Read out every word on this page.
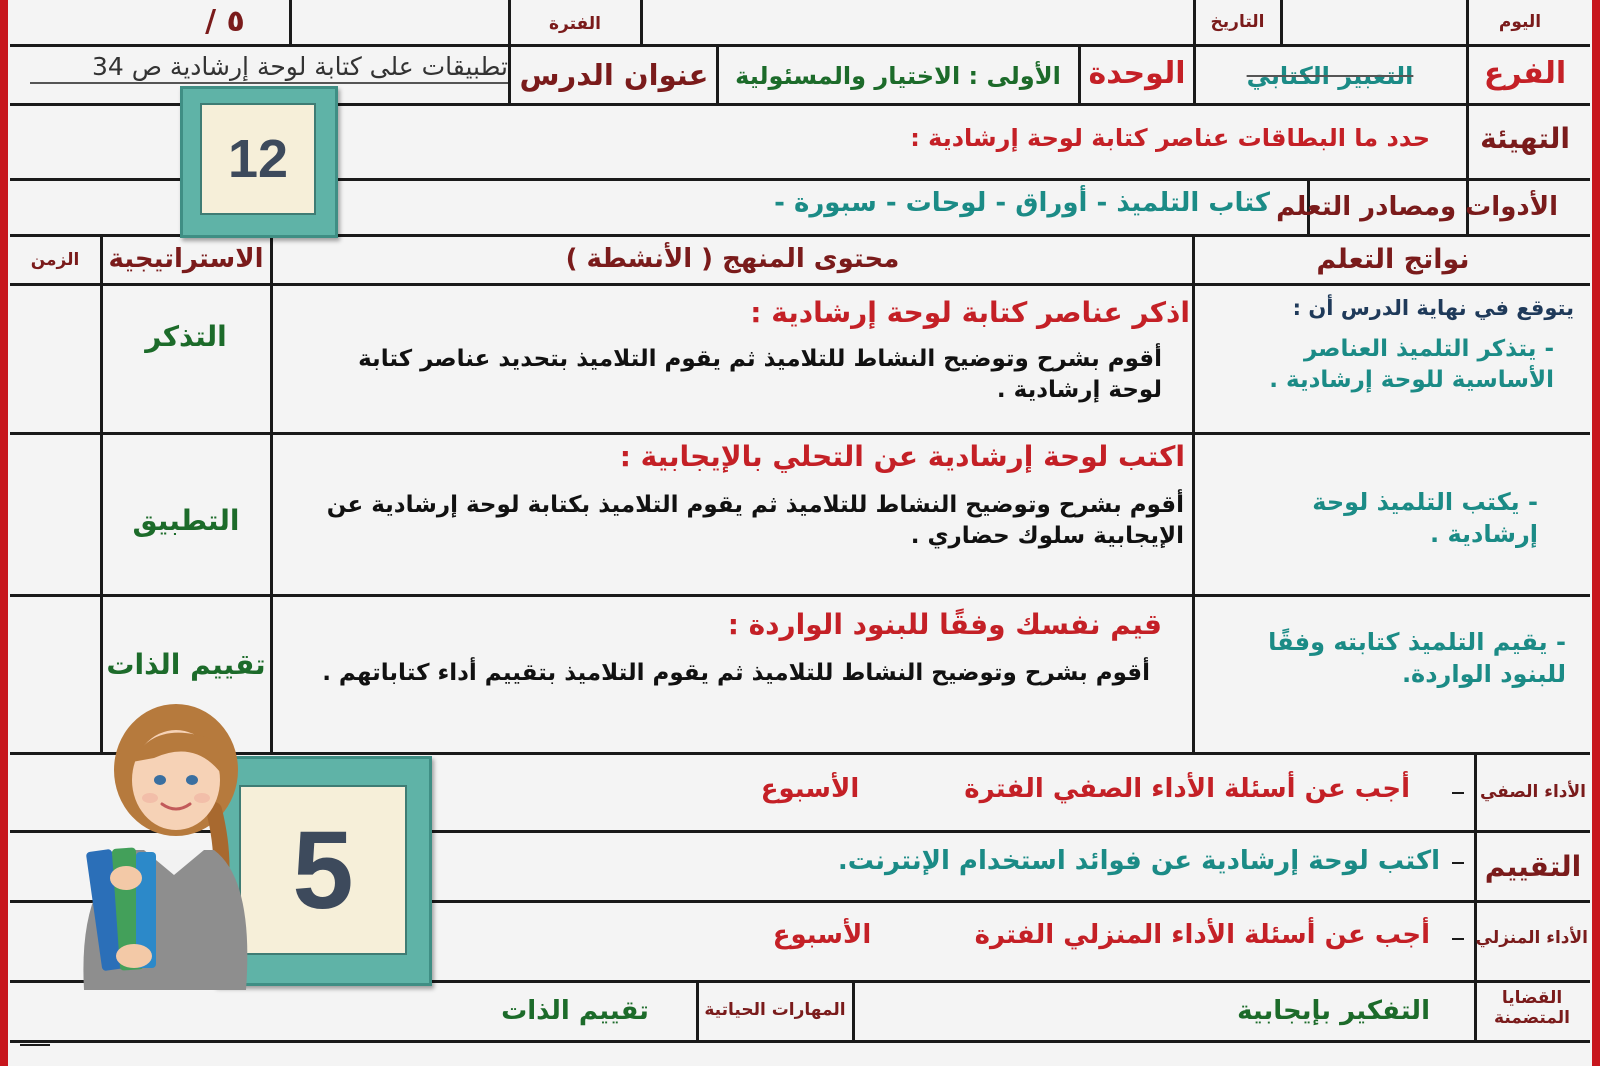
اليوم
التاريخ
الفترة
٥ /
الفرع
التعبير الكتابي
الوحدة
الأولى : الاختيار والمسئولية
عنوان الدرس
تطبيقات على كتابة لوحة إرشادية ص 34
التهيئة
حدد ما البطاقات عناصر كتابة لوحة إرشادية :
الأدوات ومصادر التعلم
كتاب التلميذ - أوراق - لوحات - سبورة -
12
نواتج التعلم
محتوى المنهج ( الأنشطة )
الاستراتيجية
الزمن
يتوقع في نهاية الدرس أن :
- يتذكر التلميذ العناصر الأساسية للوحة إرشادية .
اذكر عناصر كتابة لوحة إرشادية :
أقوم بشرح وتوضيح النشاط للتلاميذ ثم يقوم التلاميذ بتحديد عناصر كتابة لوحة إرشادية .
التذكر
- يكتب التلميذ لوحة إرشادية .
اكتب لوحة إرشادية عن التحلي بالإيجابية :
أقوم بشرح وتوضيح النشاط للتلاميذ ثم يقوم التلاميذ بكتابة لوحة إرشادية عن الإيجابية سلوك حضاري .
التطبيق
- يقيم التلميذ كتابته وفقًا للبنود الواردة.
قيم نفسك وفقًا للبنود الواردة :
أقوم بشرح وتوضيح النشاط للتلاميذ ثم يقوم التلاميذ بتقييم أداء كتاباتهم .
تقييم الذات
الأداء الصفي
أجب عن أسئلة الأداء الصفي الفترة
الأسبوع
التقييم
اكتب لوحة إرشادية عن فوائد استخدام الإنترنت.
الأداء المنزلي
أجب عن أسئلة الأداء المنزلي الفترة
الأسبوع
القضايا المتضمنة
التفكير بإيجابية
المهارات الحياتية
تقييم الذات
5
